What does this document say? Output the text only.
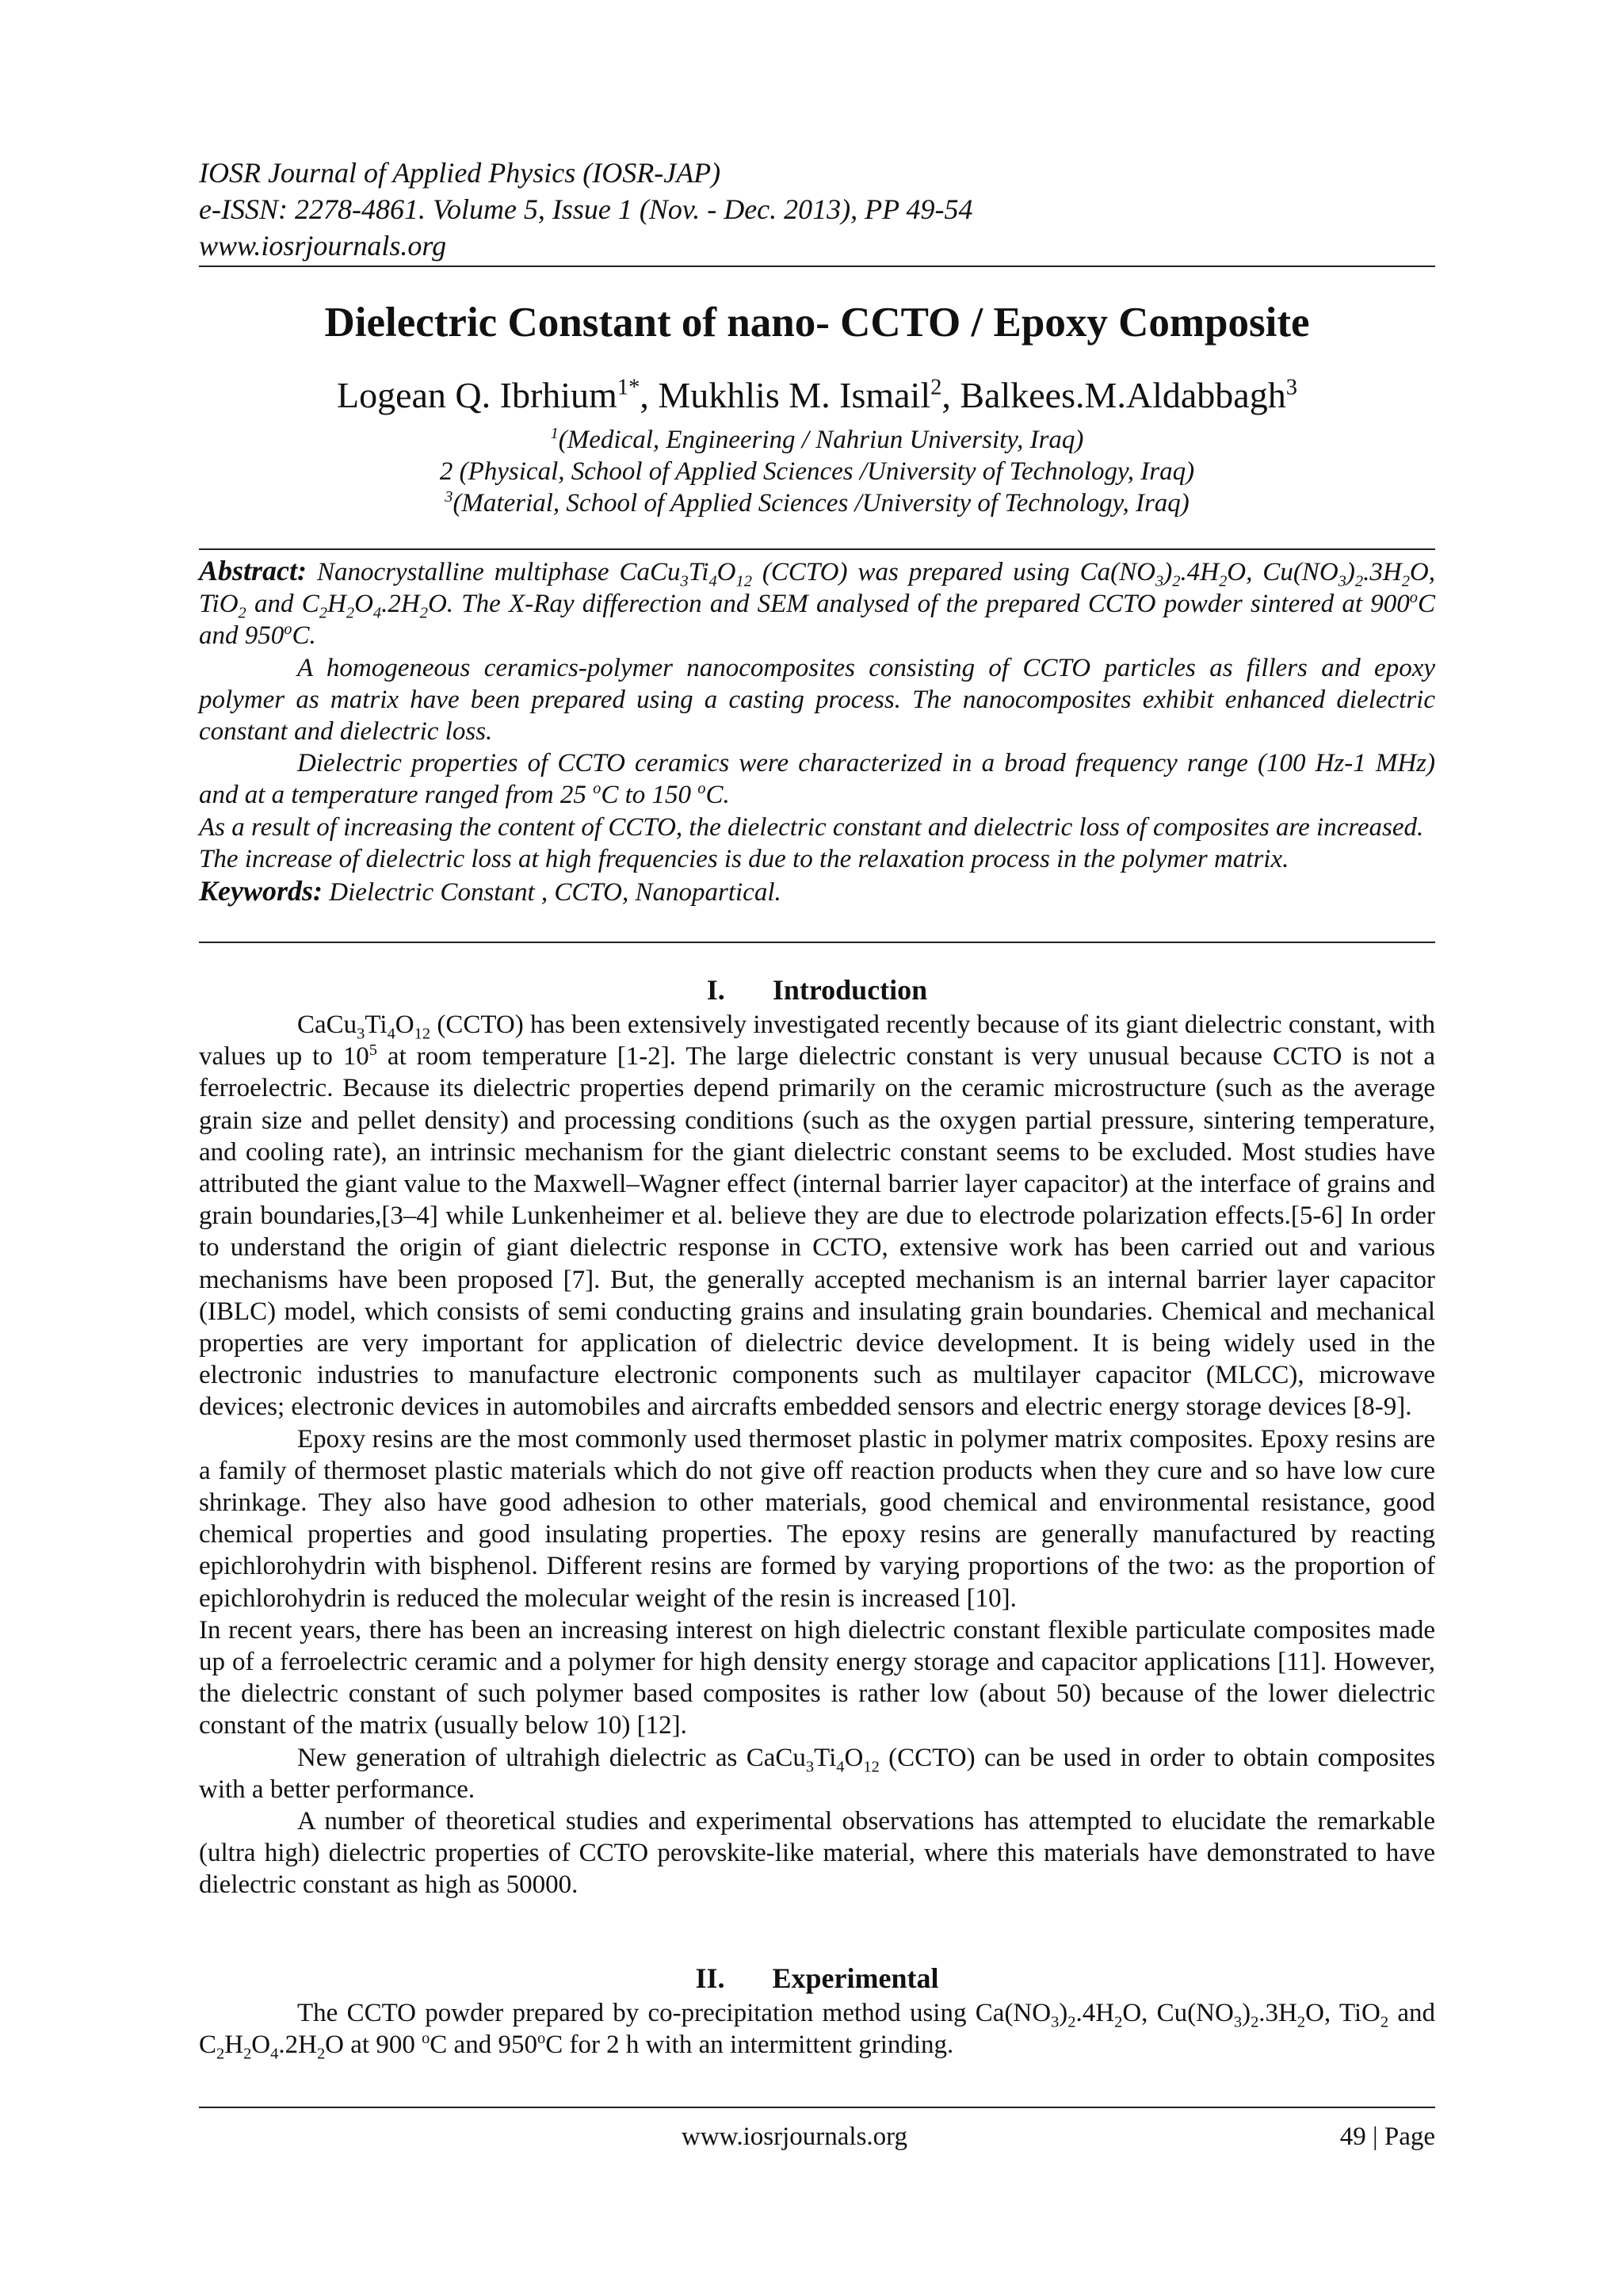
IOSR Journal of Applied Physics (IOSR-JAP)
e-ISSN: 2278-4861. Volume 5, Issue 1 (Nov. - Dec. 2013), PP 49-54
www.iosrjournals.org
Dielectric Constant of nano- CCTO / Epoxy Composite
Logean Q. Ibrhium$^{1*}$, Mukhlis M. Ismail$^2$, Balkees.M.Aldabbagh$^3$
$^1$(Medical, Engineering / Nahriun University, Iraq)
2 (Physical, School of Applied Sciences /University of Technology, Iraq)
$^3$(Material, School of Applied Sciences /University of Technology, Iraq)

Abstract: Nanocrystalline multiphase $CaCu_3Ti_4O_{12}$ (CCTO) was prepared using $Ca(NO_3)_2.4H_2O$, $Cu(NO_3)_2.3H_2O$, TiO$_2$ and $C_2H_2O_4.2H_2O$. The X-Ray differection and SEM analysed of the prepared CCTO powder sintered at 900$^o$C and 950$^o$C.

A homogeneous ceramics-polymer nanocomposites consisting of CCTO particles as fillers and epoxy polymer as matrix have been prepared using a casting process. The nanocomposites exhibit enhanced dielectric constant and dielectric loss.

Dielectric properties of CCTO ceramics were characterized in a broad frequency range (100 Hz-1 MHz) and at a temperature ranged from 25 $^o$C to 150 $^o$C.

As a result of increasing the content of CCTO, the dielectric constant and dielectric loss of composites are increased.

The increase of dielectric loss at high frequencies is due to the relaxation process in the polymer matrix.

Keywords: Dielectric Constant , CCTO, Nanopartical.

I. Introduction

$CaCu_3Ti_4O_{12}$ (CCTO) has been extensively investigated recently because of its giant dielectric constant, with values up to $10^5$ at room temperature [1-2]. The large dielectric constant is very unusual because CCTO is not a ferroelectric. Because its dielectric properties depend primarily on the ceramic microstructure (such as the average grain size and pellet density) and processing conditions (such as the oxygen partial pressure, sintering temperature, and cooling rate), an intrinsic mechanism for the giant dielectric constant seems to be excluded. Most studies have attributed the giant value to the Maxwell–Wagner effect (internal barrier layer capacitor) at the interface of grains and grain boundaries,[3–4] while Lunkenheimer et al. believe they are due to electrode polarization effects.[5-6] In order to understand the origin of giant dielectric response in CCTO, extensive work has been carried out and various mechanisms have been proposed [7]. But, the generally accepted mechanism is an internal barrier layer capacitor (IBLC) model, which consists of semi conducting grains and insulating grain boundaries. Chemical and mechanical properties are very important for application of dielectric device development. It is being widely used in the electronic industries to manufacture electronic components such as multilayer capacitor (MLCC), microwave devices; electronic devices in automobiles and aircrafts embedded sensors and electric energy storage devices [8-9].

Epoxy resins are the most commonly used thermoset plastic in polymer matrix composites. Epoxy resins are a family of thermoset plastic materials which do not give off reaction products when they cure and so have low cure shrinkage. They also have good adhesion to other materials, good chemical and environmental resistance, good chemical properties and good insulating properties. The epoxy resins are generally manufactured by reacting epichlorohydrin with bisphenol. Different resins are formed by varying proportions of the two: as the proportion of epichlorohydrin is reduced the molecular weight of the resin is increased [10].

In recent years, there has been an increasing interest on high dielectric constant flexible particulate composites made up of a ferroelectric ceramic and a polymer for high density energy storage and capacitor applications [11]. However, the dielectric constant of such polymer based composites is rather low (about 50) because of the lower dielectric constant of the matrix (usually below 10) [12].

New generation of ultrahigh dielectric as $CaCu_3Ti_4O_{12}$ (CCTO) can be used in order to obtain composites with a better performance.

A number of theoretical studies and experimental observations has attempted to elucidate the remarkable (ultra high) dielectric properties of CCTO perovskite-like material, where this materials have demonstrated to have dielectric constant as high as 50000.

II. Experimental

The CCTO powder prepared by co-precipitation method using $Ca(NO_3)_2.4H_2O$, $Cu(NO_3)_2.3H_2O$, TiO$_2$ and $C_2H_2O_4.2H_2O$ at 900 $^o$C and 950$^o$C for 2 h with an intermittent grinding.

www.iosrjournals.org	49 | Page
